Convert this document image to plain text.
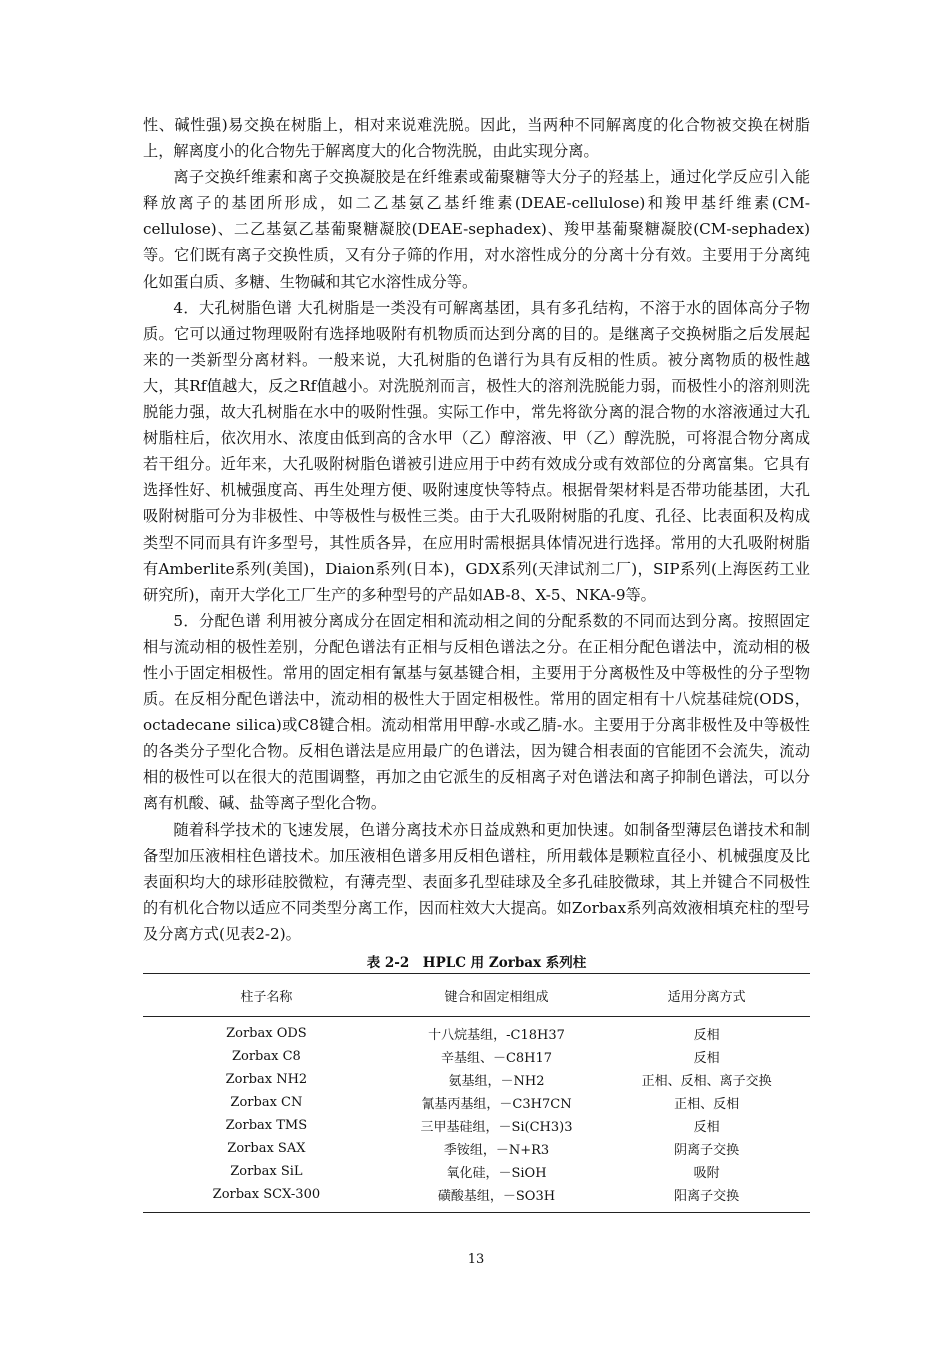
性、碱性强)易交换在树脂上，相对来说难洗脱。因此，当两种不同解离度的化合物被交换在树脂上，解离度小的化合物先于解离度大的化合物洗脱，由此实现分离。

离子交换纤维素和离子交换凝胶是在纤维素或葡聚糖等大分子的羟基上，通过化学反应引入能释放离子的基团所形成，如二乙基氨乙基纤维素(DEAE-cellulose)和羧甲基纤维素(CM-cellulose)、二乙基氨乙基葡聚糖凝胶(DEAE-sephadex)、羧甲基葡聚糖凝胶(CM-sephadex)等。它们既有离子交换性质，又有分子筛的作用，对水溶性成分的分离十分有效。主要用于分离纯化如蛋白质、多糖、生物碱和其它水溶性成分等。

4．大孔树脂色谱 大孔树脂是一类没有可解离基团，具有多孔结构，不溶于水的固体高分子物质。它可以通过物理吸附有选择地吸附有机物质而达到分离的目的。是继离子交换树脂之后发展起来的一类新型分离材料。一般来说，大孔树脂的色谱行为具有反相的性质。被分离物质的极性越大，其Rf值越大，反之Rf值越小。对洗脱剂而言，极性大的溶剂洗脱能力弱，而极性小的溶剂则洗脱能力强，故大孔树脂在水中的吸附性强。实际工作中，常先将欲分离的混合物的水溶液通过大孔树脂柱后，依次用水、浓度由低到高的含水甲（乙）醇溶液、甲（乙）醇洗脱，可将混合物分离成若干组分。近年来，大孔吸附树脂色谱被引进应用于中药有效成分或有效部位的分离富集。它具有选择性好、机械强度高、再生处理方便、吸附速度快等特点。根据骨架材料是否带功能基团，大孔吸附树脂可分为非极性、中等极性与极性三类。由于大孔吸附树脂的孔度、孔径、比表面积及构成类型不同而具有许多型号，其性质各异，在应用时需根据具体情况进行选择。常用的大孔吸附树脂有Amberlite系列(美国)，Diaion系列(日本)，GDX系列(天津试剂二厂)，SIP系列(上海医药工业研究所)，南开大学化工厂生产的多种型号的产品如AB-8、X-5、NKA-9等。

5．分配色谱 利用被分离成分在固定相和流动相之间的分配系数的不同而达到分离。按照固定相与流动相的极性差别，分配色谱法有正相与反相色谱法之分。在正相分配色谱法中，流动相的极性小于固定相极性。常用的固定相有氰基与氨基键合相，主要用于分离极性及中等极性的分子型物质。在反相分配色谱法中，流动相的极性大于固定相极性。常用的固定相有十八烷基硅烷(ODS，octadecane silica)或C8键合相。流动相常用甲醇-水或乙腈-水。主要用于分离非极性及中等极性的各类分子型化合物。反相色谱法是应用最广的色谱法，因为键合相表面的官能团不会流失，流动相的极性可以在很大的范围调整，再加之由它派生的反相离子对色谱法和离子抑制色谱法，可以分离有机酸、碱、盐等离子型化合物。

随着科学技术的飞速发展，色谱分离技术亦日益成熟和更加快速。如制备型薄层色谱技术和制备型加压液相柱色谱技术。加压液相色谱多用反相色谱柱，所用载体是颗粒直径小、机械强度及比表面积均大的球形硅胶微粒，有薄壳型、表面多孔型硅球及全多孔硅胶微球，其上并键合不同极性的有机化合物以适应不同类型分离工作，因而柱效大大提高。如Zorbax系列高效液相填充柱的型号及分离方式(见表2-2)。

表 2-2　HPLC 用 Zorbax 系列柱
柱子名称	键合和固定相组成	适用分离方式
Zorbax ODS	十八烷基组，-C18H37	反相
Zorbax C8	辛基组、－C8H17	反相
Zorbax NH2	氨基组，－NH2	正相、反相、离子交换
Zorbax CN	氰基丙基组，－C3H7CN	正相、反相
Zorbax TMS	三甲基硅组，－Si(CH3)3	反相
Zorbax SAX	季铵组，－N+R3	阴离子交换
Zorbax SiL	氧化硅，－SiOH	吸附
Zorbax SCX-300	磺酸基组，－SO3H	阳离子交换
13
